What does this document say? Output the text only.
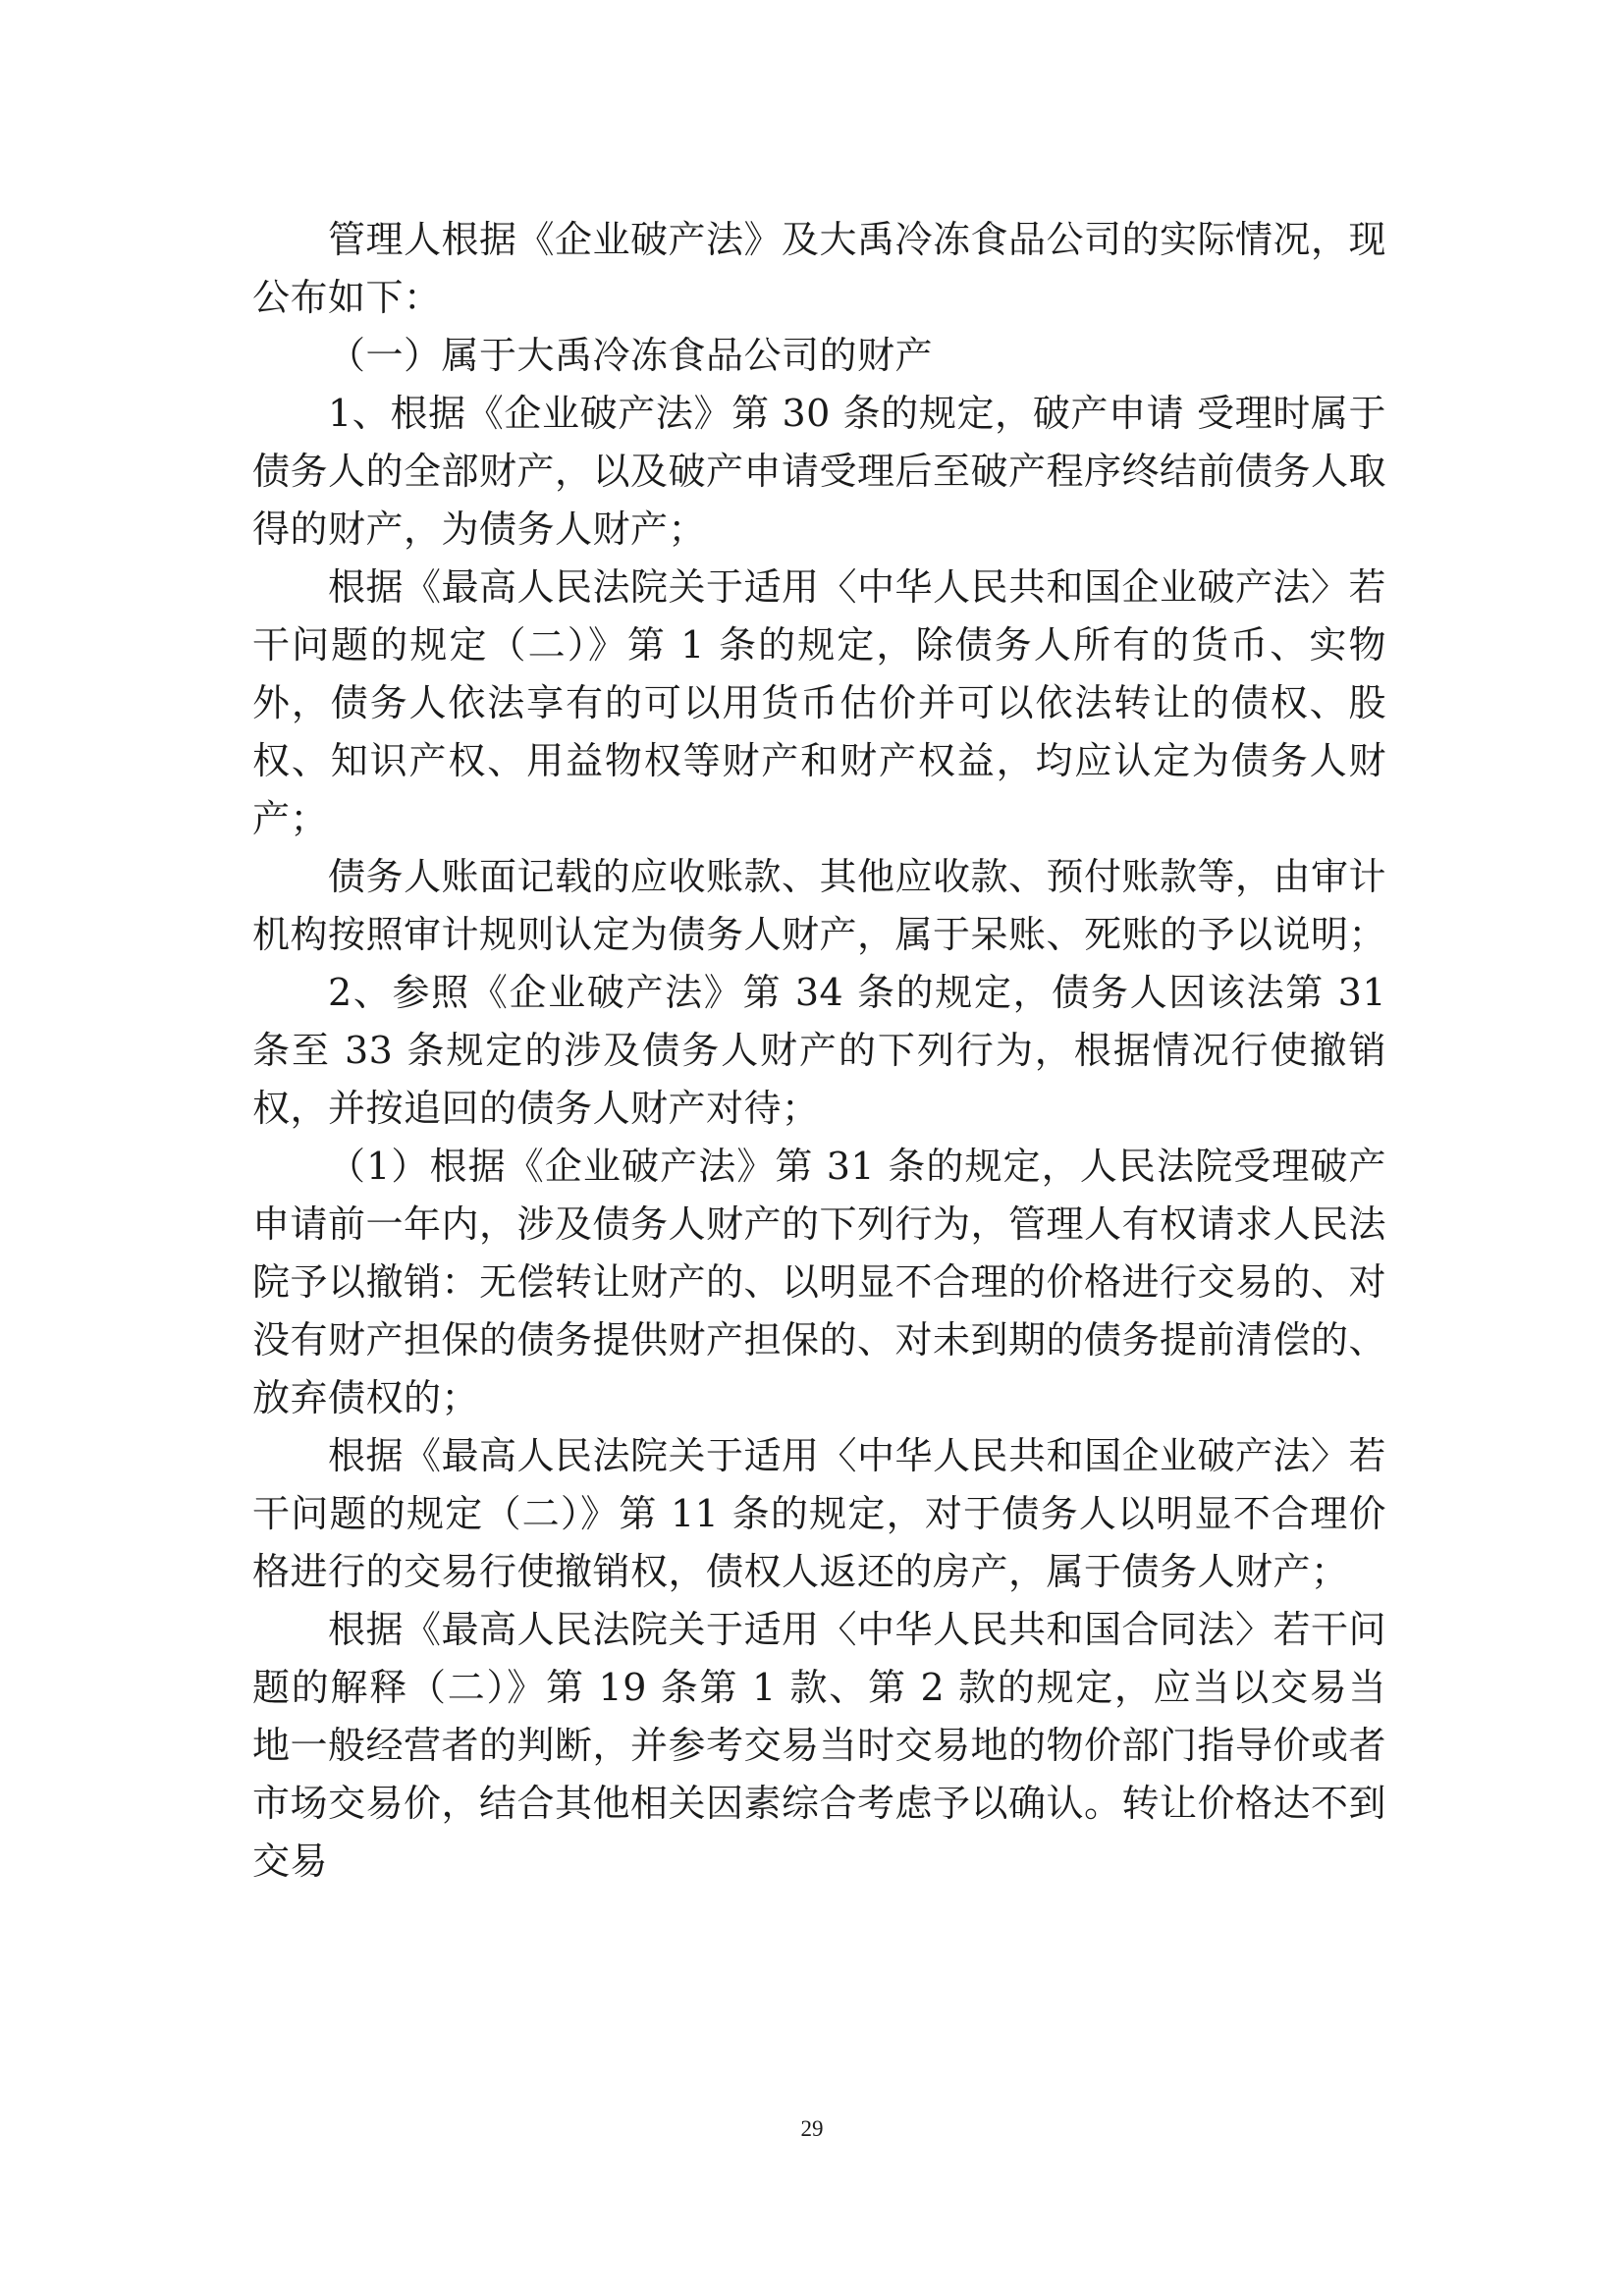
管理人根据《企业破产法》及大禹冷冻食品公司的实际情况，现公布如下：

（一）属于大禹冷冻食品公司的财产

1、根据《企业破产法》第 30 条的规定，破产申请 受理时属于债务人的全部财产，以及破产申请受理后至破产程序终结前债务人取得的财产，为债务人财产；

根据《最高人民法院关于适用〈中华人民共和国企业破产法〉若干问题的规定（二）》第 1 条的规定，除债务人所有的货币、实物外，债务人依法享有的可以用货币估价并可以依法转让的债权、股权、知识产权、用益物权等财产和财产权益，均应认定为债务人财产；

债务人账面记载的应收账款、其他应收款、预付账款等，由审计机构按照审计规则认定为债务人财产，属于呆账、死账的予以说明；

2、参照《企业破产法》第 34 条的规定，债务人因该法第 31 条至 33 条规定的涉及债务人财产的下列行为，根据情况行使撤销权，并按追回的债务人财产对待；

（1）根据《企业破产法》第 31 条的规定，人民法院受理破产申请前一年内，涉及债务人财产的下列行为，管理人有权请求人民法院予以撤销：无偿转让财产的、以明显不合理的价格进行交易的、对没有财产担保的债务提供财产担保的、对未到期的债务提前清偿的、放弃债权的；

根据《最高人民法院关于适用〈中华人民共和国企业破产法〉若干问题的规定（二）》第 11 条的规定，对于债务人以明显不合理价格进行的交易行使撤销权，债权人返还的房产，属于债务人财产；

根据《最高人民法院关于适用〈中华人民共和国合同法〉若干问题的解释（二）》第 19 条第 1 款、第 2 款的规定，应当以交易当地一般经营者的判断，并参考交易当时交易地的物价部门指导价或者市场交易价，结合其他相关因素综合考虑予以确认。转让价格达不到交易

29
